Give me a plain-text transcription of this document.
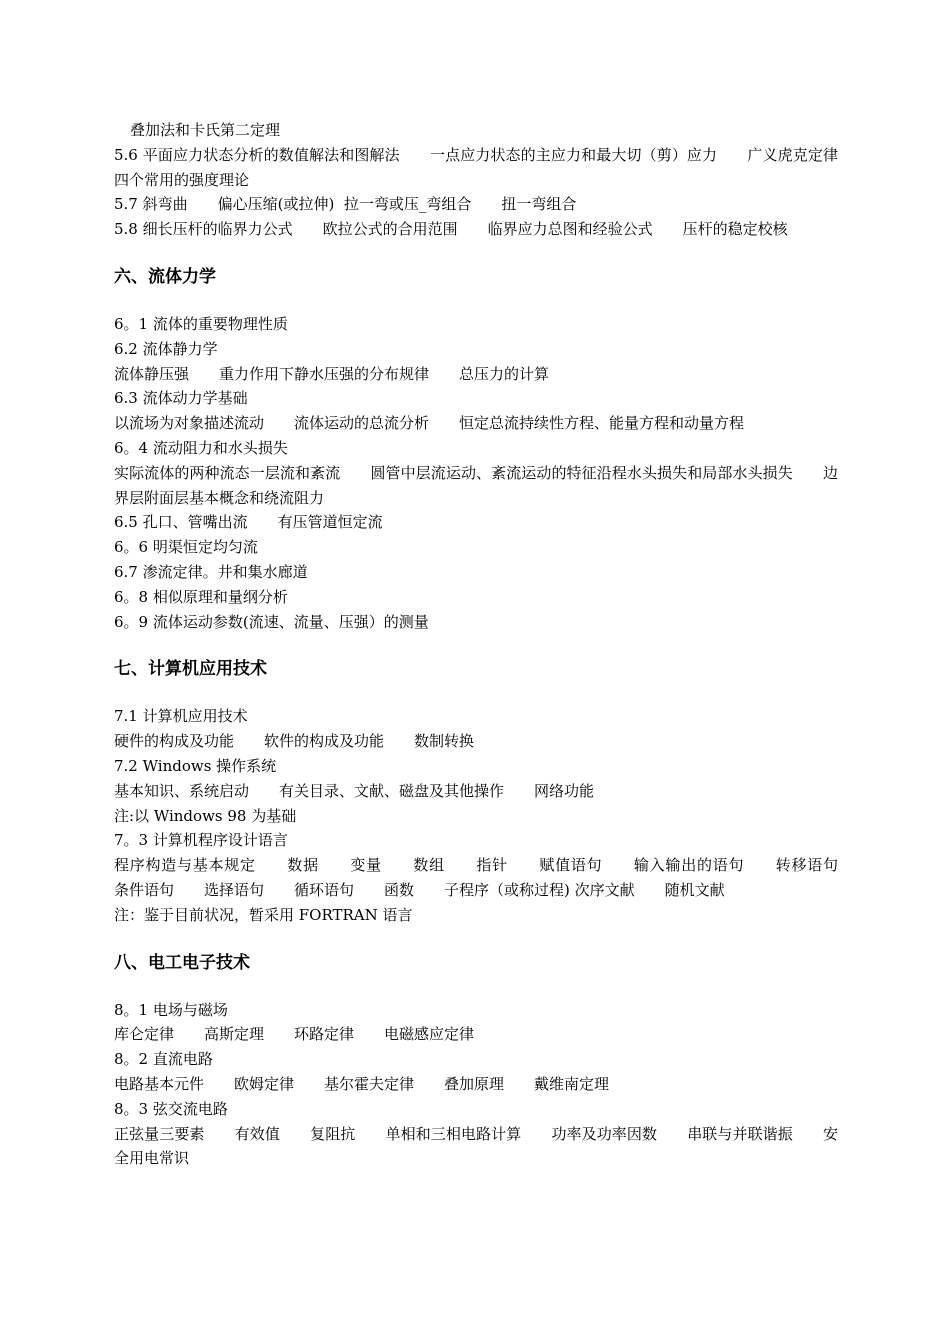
叠加法和卡氏第二定理

5.6 平面应力状态分析的数值解法和图解法　　一点应力状态的主应力和最大切（剪）应力　　广义虎克定律　　四个常用的强度理论

5.7 斜弯曲　　偏心压缩(或拉伸)  拉一弯或压_弯组合　　扭一弯组合

5.8 细长压杆的临界力公式　　欧拉公式的合用范围　　临界应力总图和经验公式　　压杆的稳定校核

六、流体力学

6。1 流体的重要物理性质

6.2 流体静力学

流体静压强　　重力作用下静水压强的分布规律　　总压力的计算

6.3 流体动力学基础

以流场为对象描述流动　　流体运动的总流分析　　恒定总流持续性方程、能量方程和动量方程

6。4 流动阻力和水头损失

实际流体的两种流态一层流和紊流　　圆管中层流运动、紊流运动的特征沿程水头损失和局部水头损失　　边界层附面层基本概念和绕流阻力

6.5 孔口、管嘴出流　　有压管道恒定流

6。6 明渠恒定均匀流

6.7 渗流定律。井和集水廊道

6。8 相似原理和量纲分析

6。9 流体运动参数(流速、流量、压强）的测量

七、计算机应用技术

7.1 计算机应用技术

硬件的构成及功能　　软件的构成及功能　　数制转换

7.2 Windows 操作系统

基本知识、系统启动　　有关目录、文献、磁盘及其他操作　　网络功能

注:以 Windows 98 为基础

7。3 计算机程序设计语言

程序构造与基本规定　　数据　　变量　　数组　　指针　　赋值语句　　输入输出的语句　　转移语句　　条件语句　　选择语句　　循环语句　　函数　　子程序（或称过程) 次序文献　　随机文献

注：鉴于目前状况，暂采用 FORTRAN 语言

八、电工电子技术

8。1 电场与磁场

库仑定律　　高斯定理　　环路定律　　电磁感应定律

8。2 直流电路

电路基本元件　　欧姆定律　　基尔霍夫定律　　叠加原理　　戴维南定理

8。3 弦交流电路

正弦量三要素　　有效值　　复阻抗　　单相和三相电路计算　　功率及功率因数　　串联与并联谐振　　安全用电常识
